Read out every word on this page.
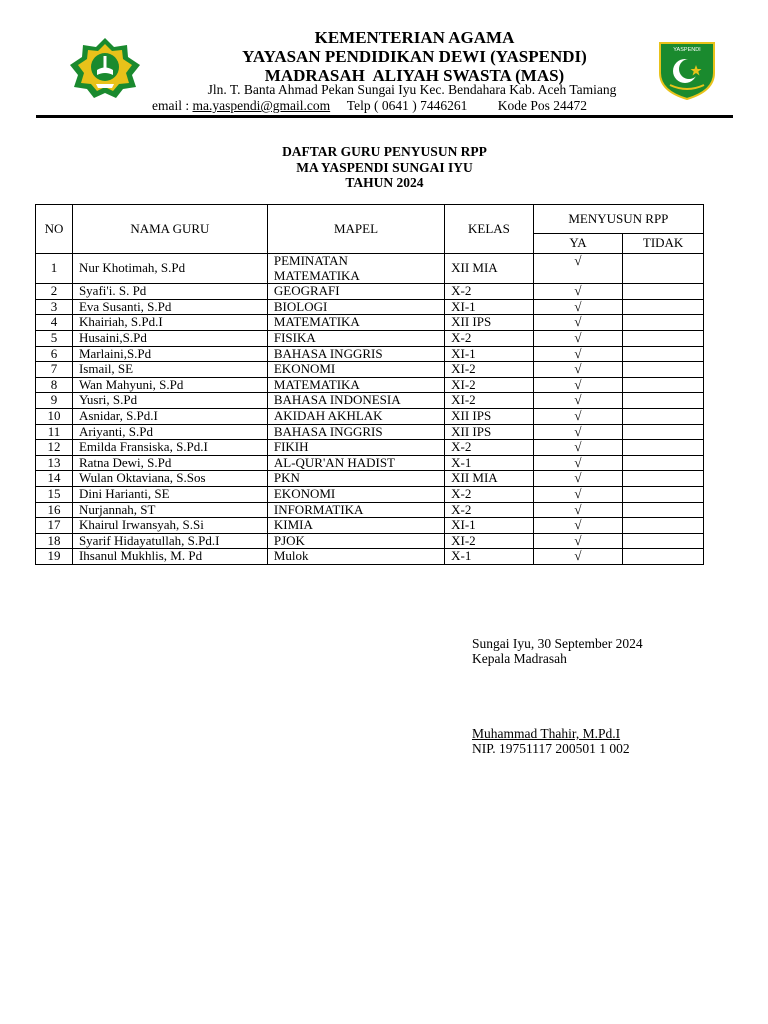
KEMENTERIAN AGAMA
YAYASAN PENDIDIKAN DEWI (YASPENDI)
MADRASAH  ALIYAH SWASTA (MAS)
Jln. T. Banta Ahmad Pekan Sungai Iyu Kec. Bendahara Kab. Aceh Tamiang
email : ma.yaspendi@gmail.com     Telp ( 0641 ) 7446261         Kode Pos 24472
YASPENDI
DAFTAR GURU PENYUSUN RPP
MA YASPENDI SUNGAI IYU
TAHUN 2024
NO	NAMA GURU	MAPEL	KELAS	MENYUSUN RPP	
				YA	TIDAK
1	Nur Khotimah, S.Pd	PEMINATAN
MATEMATIKA	XII MIA	√	
2	Syafi'i. S. Pd	GEOGRAFI	X-2	√	
3	Eva Susanti, S.Pd	BIOLOGI	XI-1	√	
4	Khairiah, S.Pd.I	MATEMATIKA	XII IPS	√	
5	Husaini,S.Pd	FISIKA	X-2	√	
6	Marlaini,S.Pd	BAHASA INGGRIS	XI-1	√	
7	Ismail, SE	EKONOMI	XI-2	√	
8	Wan Mahyuni, S.Pd	MATEMATIKA	XI-2	√	
9	Yusri, S.Pd	BAHASA INDONESIA	XI-2	√	
10	Asnidar, S.Pd.I	AKIDAH AKHLAK	XII IPS	√	
11	Ariyanti, S.Pd	BAHASA INGGRIS	XII IPS	√	
12	Emilda Fransiska, S.Pd.I	FIKIH	X-2	√	
13	Ratna Dewi, S.Pd	AL-QUR'AN HADIST	X-1	√	
14	Wulan Oktaviana, S.Sos	PKN	XII MIA	√	
15	Dini Harianti, SE	EKONOMI	X-2	√	
16	Nurjannah, ST	INFORMATIKA	X-2	√	
17	Khairul Irwansyah, S.Si	KIMIA	XI-1	√	
18	Syarif Hidayatullah, S.Pd.I	PJOK	XI-2	√	
19	Ihsanul Mukhlis, M. Pd	Mulok	X-1	√	
Sungai Iyu, 30 September 2024
Kepala Madrasah
Muhammad Thahir, M.Pd.I
NIP. 19751117 200501 1 002
